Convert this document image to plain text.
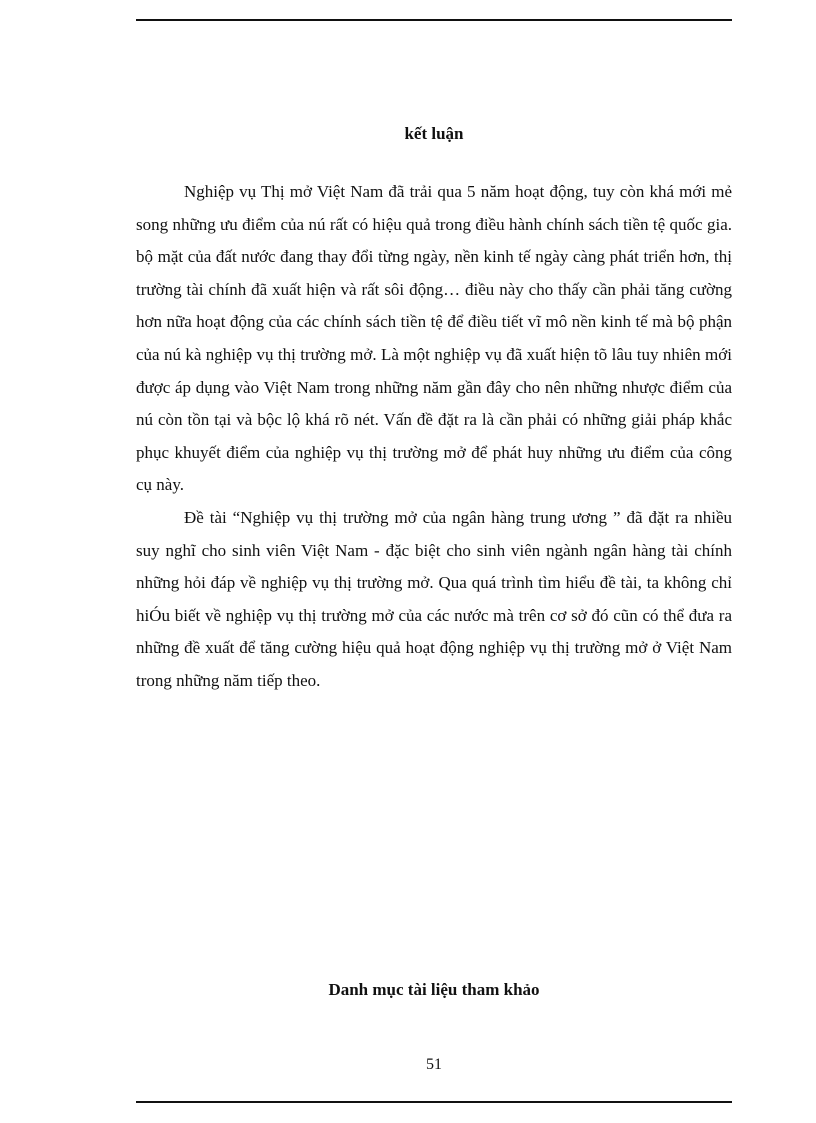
kết luận

Nghiệp vụ Thị mở Việt Nam đã trải qua 5 năm hoạt động, tuy còn khá mới mẻ song những ưu điểm của nú rất có hiệu quả trong điều hành chính sách tiền tệ quốc gia. bộ mặt của đất nước đang thay đổi từng ngày, nền kinh tế ngày càng phát triển hơn, thị trường tài chính đã xuất hiện và rất sôi động… điều này cho thấy cần phải tăng cường hơn nữa hoạt động của các chính sách tiền tệ để điều tiết vĩ mô nền kinh tế mà bộ phận của nú kà nghiệp vụ thị trường mở. Là một nghiệp vụ đã xuất hiện tõ lâu tuy nhiên mới được áp dụng vào Việt Nam trong những năm gần đây cho nên những nhược điểm của nú còn tồn tại và bộc lộ khá rõ nét. Vấn đề đặt ra là cần phải có những giải pháp khắc phục khuyết điểm của nghiệp vụ thị trường mở để phát huy những ưu điểm của công cụ này.

Đề tài “Nghiệp vụ thị trường mở của ngân hàng trung ương ” đã đặt ra nhiều suy nghĩ cho sinh viên Việt Nam - đặc biệt cho sinh viên ngành ngân hàng tài chính những hỏi đáp về nghiệp vụ thị trường mở. Qua quá trình tìm hiểu đề tài, ta không chỉ hiÓu biết về nghiệp vụ thị trường mở của các nước mà trên cơ sở đó cũn có thể đưa ra những đề xuất để tăng cường hiệu quả hoạt động nghiệp vụ thị trường mở ở Việt Nam trong những năm tiếp theo.

Danh mục tài liệu tham khảo
51
